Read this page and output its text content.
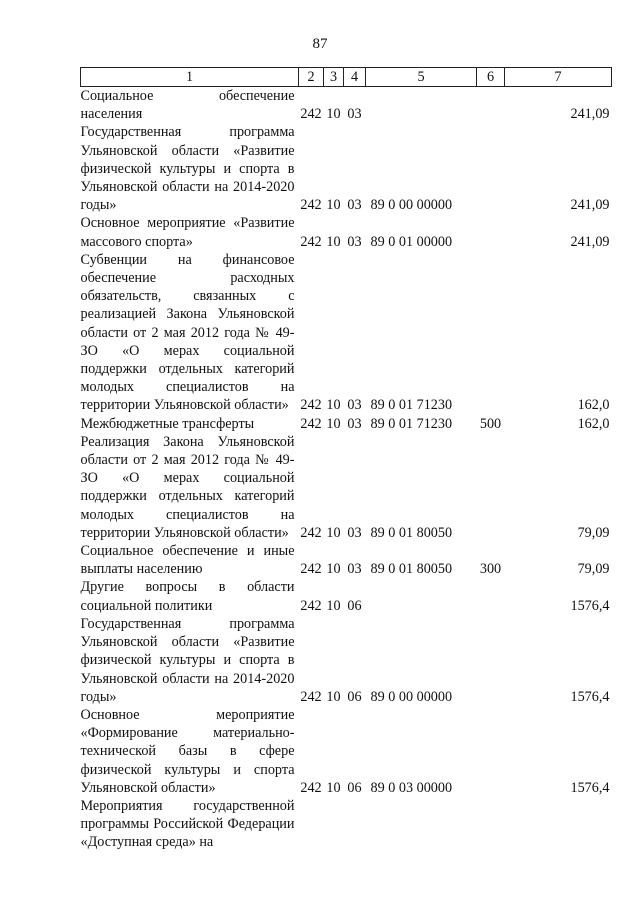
87
1	2	3	4	5	6	7
Социальное обеспечение населения	242	10	03			241,09
Государственная программа Ульяновской области «Развитие физической культуры и спорта в Ульяновской области на 2014-2020 годы»	242	10	03	89 0 00 00000		241,09
Основное мероприятие «Развитие массового спорта»	242	10	03	89 0 01 00000		241,09
Субвенции на финансовое обеспечение расходных обязательств, связанных с реализацией Закона Ульяновской области от 2 мая 2012 года № 49-ЗО «О мерах социальной поддержки отдельных категорий молодых специалистов на территории Ульяновской области»	242	10	03	89 0 01 71230		162,0
Межбюджетные трансферты	242	10	03	89 0 01 71230	500	162,0
Реализация Закона Ульяновской области от 2 мая 2012 года № 49-ЗО «О мерах социальной поддержки отдельных категорий молодых специалистов на территории Ульяновской области»	242	10	03	89 0 01 80050		79,09
Социальное обеспечение и иные выплаты населению	242	10	03	89 0 01 80050	300	79,09
Другие вопросы в области социальной политики	242	10	06			1576,4
Государственная программа Ульяновской области «Развитие физической культуры и спорта в Ульяновской области на 2014-2020 годы»	242	10	06	89 0 00 00000		1576,4
Основное мероприятие «Формирование материально-технической базы в сфере физической культуры и спорта Ульяновской области»	242	10	06	89 0 03 00000		1576,4
Мероприятия государственной программы Российской Федерации «Доступная среда» на						
